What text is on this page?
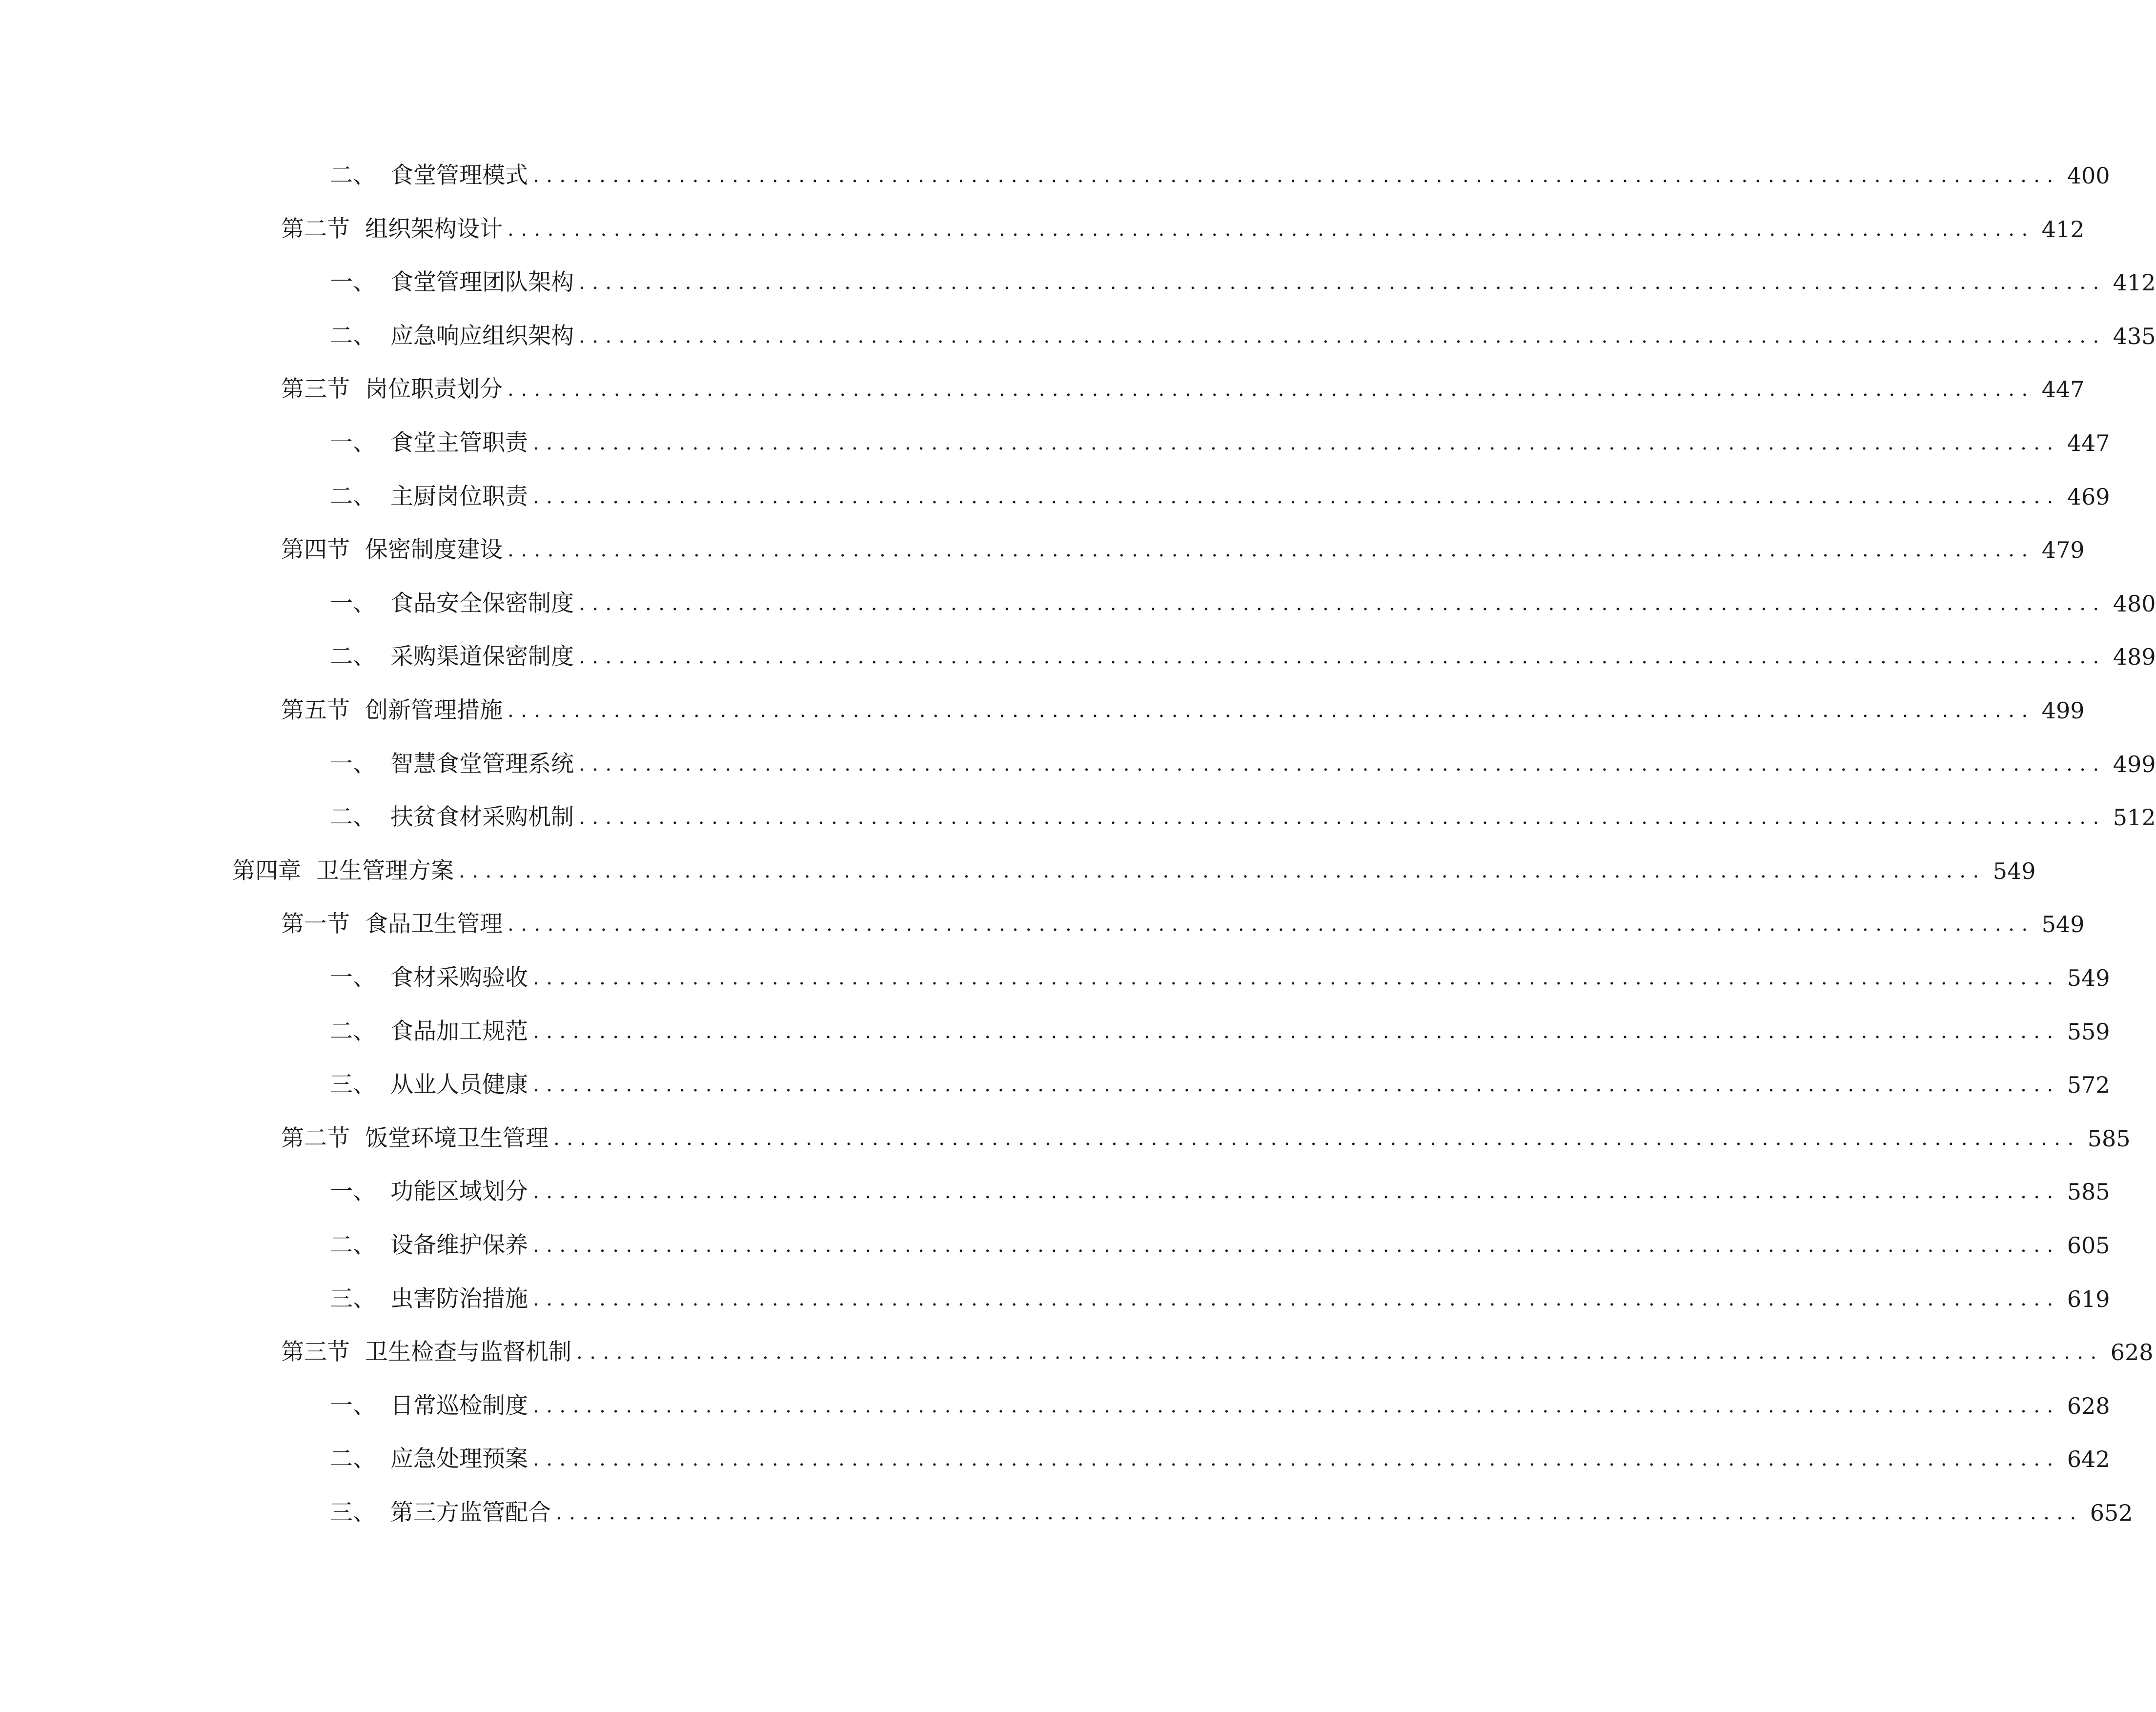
二、 食堂管理模式 ................................................................................................................... 400
第二节 组织架构设计 ................................................................................................................... 412
一、 食堂管理团队架构 ................................................................................................................... 412
二、 应急响应组织架构 ................................................................................................................... 435
第三节 岗位职责划分 ................................................................................................................... 447
一、 食堂主管职责 ................................................................................................................... 447
二、 主厨岗位职责 ................................................................................................................... 469
第四节 保密制度建设 ................................................................................................................... 479
一、 食品安全保密制度 ................................................................................................................... 480
二、 采购渠道保密制度 ................................................................................................................... 489
第五节 创新管理措施 ................................................................................................................... 499
一、 智慧食堂管理系统 ................................................................................................................... 499
二、 扶贫食材采购机制 ................................................................................................................... 512
第四章 卫生管理方案 ................................................................................................................... 549
第一节 食品卫生管理 ................................................................................................................... 549
一、 食材采购验收 ................................................................................................................... 549
二、 食品加工规范 ................................................................................................................... 559
三、 从业人员健康 ................................................................................................................... 572
第二节 饭堂环境卫生管理 ................................................................................................................... 585
一、 功能区域划分 ................................................................................................................... 585
二、 设备维护保养 ................................................................................................................... 605
三、 虫害防治措施 ................................................................................................................... 619
第三节 卫生检查与监督机制 ................................................................................................................... 628
一、 日常巡检制度 ................................................................................................................... 628
二、 应急处理预案 ................................................................................................................... 642
三、 第三方监管配合 ................................................................................................................... 652
